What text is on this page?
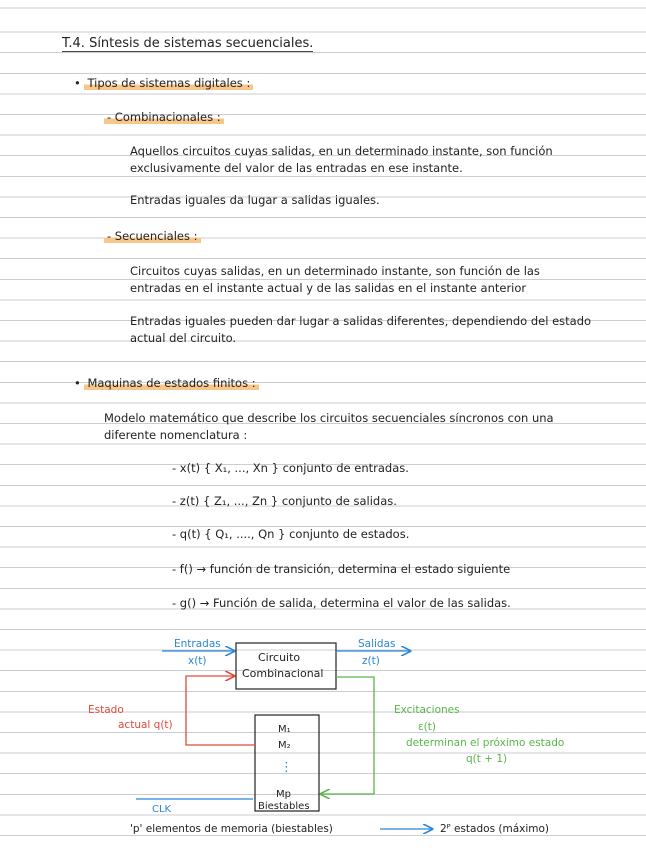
T.4. Síntesis de sistemas secuenciales.
• Tipos de sistemas digitales :
- Combinacionales :
Aquellos circuitos cuyas salidas, en un determinado instante, son función
exclusivamente del valor de las entradas en ese instante.
Entradas iguales da lugar a salidas iguales.
- Secuenciales :
Circuitos cuyas salidas, en un determinado instante, son función de las
entradas en el instante actual y de las salidas en el instante anterior
Entradas iguales pueden dar lugar a salidas diferentes, dependiendo del estado
actual del circuito.
• Maquinas de estados finitos :
Modelo matemático que describe los circuitos secuenciales síncronos con una
diferente nomenclatura :
- x(t) { X₁, ..., Xn } conjunto de entradas.
- z(t) { Z₁, ..., Zn } conjunto de salidas.
- q(t) { Q₁, ...., Qn } conjunto de estados.
- f() → función de transición, determina el estado siguiente
- g() → Función de salida, determina el valor de las salidas.
Circuito
Combinacional
M₁
M₂
⋮
Mp
Biestables
Entradas
x(t)
Salidas
z(t)
Estado
actual q(t)
Excitaciones
ε(t)
determinan el próximo estado
q(t + 1)
CLK
'p' elementos de memoria (biestables)	2ᴾ estados (máximo)
